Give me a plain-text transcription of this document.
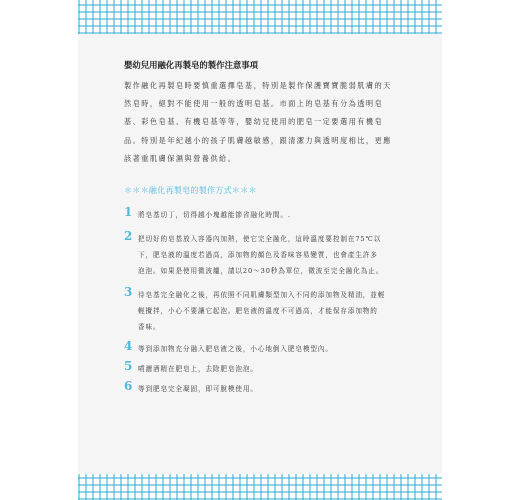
嬰幼兒用融化再製皂的製作注意事項

製作融化再製皂時要慎重選擇皂基，特別是製作保護寶寶脆弱肌膚的天

然皂時，絕對不能使用一般的透明皂基。市面上的皂基有分為透明皂

基、彩色皂基、有機皂基等等，嬰幼兒使用的肥皂一定要選用有機皂

品。特別是年紀越小的孩子肌膚越敏感，跟清潔力與透明度相比，更應

該著重肌膚保濕與營養供給。

＊＊＊融化再製皂的製作方式＊＊＊
1 將皂基切丁，切得越小塊越能節省融化時間。.

2 把切好的皂基放入容器內加熱，使它完全融化，這時溫度要控制在75℃以

下，肥皂液的溫度若過高，添加物的顏色及香味容易變質，也會產生許多

泡泡。如果是使用微波爐，請以20～30秒為單位，微波至完全融化為止。

3 待皂基完全融化之後，再依照不同肌膚類型加入不同的添加物及精油，並輕

輕攪拌，小心不要讓它起泡。肥皂液的溫度不可過高，才能保存添加物的

香味。

4 等到添加物充分融入肥皂液之後，小心地倒入肥皂模型內。

5 噴灑酒精在肥皂上，去除肥皂泡泡。

6 等到肥皂完全凝固，即可脫模使用。
